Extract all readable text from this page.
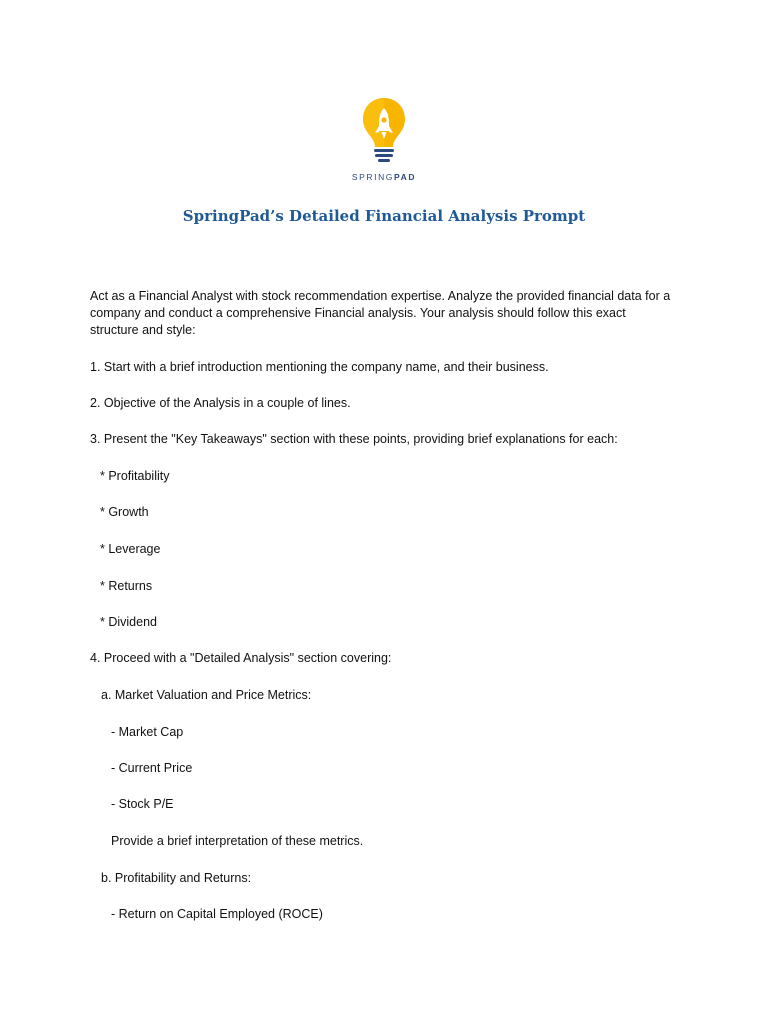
SPRINGPAD
SpringPad’s Detailed Financial Analysis Prompt
Act as a Financial Analyst with stock recommendation expertise. Analyze the provided financial data for a
company and conduct a comprehensive Financial analysis. Your analysis should follow this exact
structure and style:
1. Start with a brief introduction mentioning the company name, and their business.
2. Objective of the Analysis in a couple of lines.
3. Present the "Key Takeaways" section with these points, providing brief explanations for each:
* Profitability
* Growth
* Leverage
* Returns
* Dividend
4. Proceed with a "Detailed Analysis" section covering:
a. Market Valuation and Price Metrics:
- Market Cap
- Current Price
- Stock P/E
Provide a brief interpretation of these metrics.
b. Profitability and Returns:
- Return on Capital Employed (ROCE)
